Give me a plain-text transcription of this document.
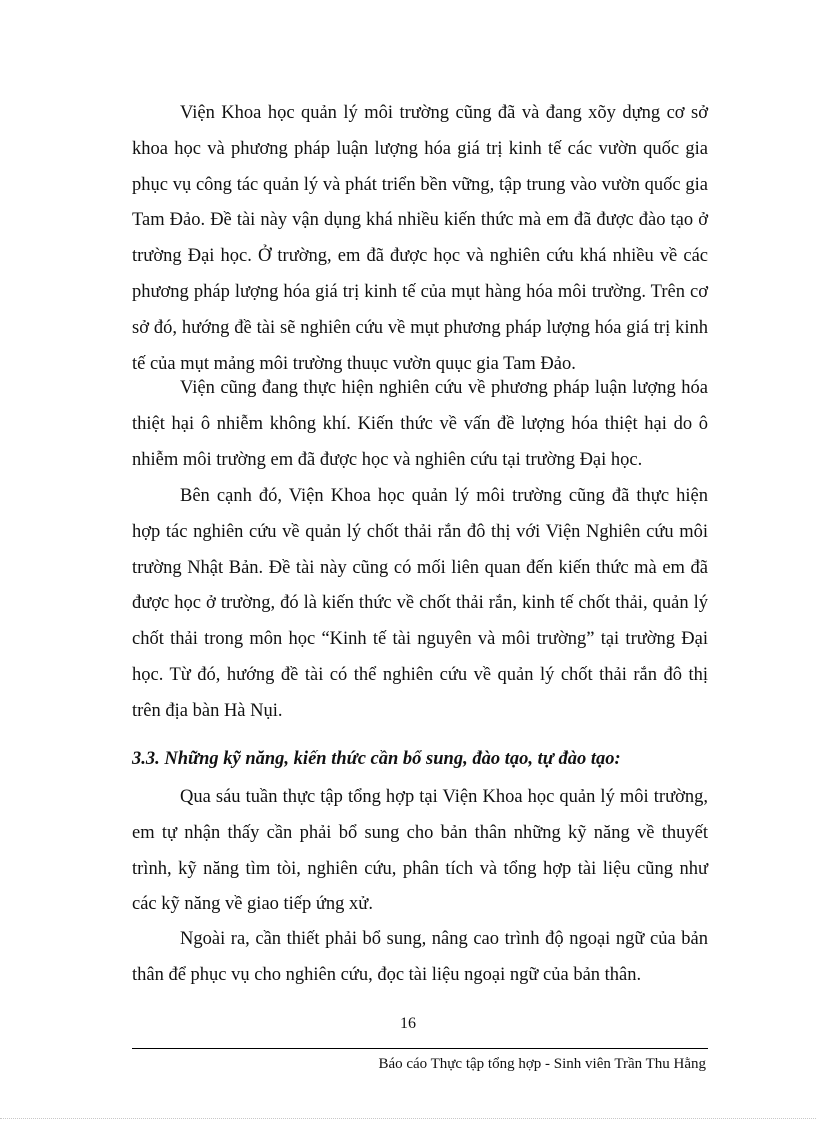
Viện Khoa học quản lý môi trường cũng đã và đang xõy dựng cơ sở khoa học và phương pháp luận lượng hóa giá trị kinh tế các vườn quốc gia phục vụ công tác quản lý và phát triển bền vững, tập trung vào vườn quốc gia Tam Đảo. Đề tài này vận dụng khá nhiều kiến thức mà em đã được đào tạo ở trường Đại học. Ở trường, em đã được học và nghiên cứu khá nhiều về các phương pháp lượng hóa giá trị kinh tế của mụt hàng hóa môi trường. Trên cơ sở đó, hướng đề tài sẽ nghiên cứu về mụt phương pháp lượng hóa giá trị kinh tế của mụt mảng môi trường thuục vườn quục gia Tam Đảo.

Viện cũng đang thực hiện nghiên cứu về phương pháp luận lượng hóa thiệt hại ô nhiễm không khí. Kiến thức về vấn đề lượng hóa thiệt hại do ô nhiễm môi trường em đã được học và nghiên cứu tại trường Đại học.

Bên cạnh đó, Viện Khoa học quản lý môi trường cũng đã thực hiện hợp tác nghiên cứu về quản lý chốt thải rắn đô thị với Viện Nghiên cứu môi trường Nhật Bản. Đề tài này cũng có mối liên quan đến kiến thức mà em đã được học ở trường, đó là kiến thức về chốt thải rắn, kinh tế chốt thải, quản lý chốt thải trong môn học “Kinh tế tài nguyên và môi trường” tại trường Đại học. Từ đó, hướng đề tài có thể nghiên cứu về quản lý chốt thải rắn đô thị trên địa bàn Hà Nụi.

3.3. Những kỹ năng, kiến thức cần bổ sung, đào tạo, tự đào tạo:

Qua sáu tuần thực tập tổng hợp tại Viện Khoa học quản lý môi trường, em tự nhận thấy cần phải bổ sung cho bản thân những kỹ năng về thuyết trình, kỹ năng tìm tòi, nghiên cứu, phân tích và tổng hợp tài liệu cũng như các kỹ năng về giao tiếp ứng xử.

Ngoài ra, cần thiết phải bổ sung, nâng cao trình độ ngoại ngữ của bản thân để phục vụ cho nghiên cứu, đọc tài liệu ngoại ngữ của bản thân.

16
Báo cáo Thực tập tổng hợp - Sinh viên Trần Thu Hằng
